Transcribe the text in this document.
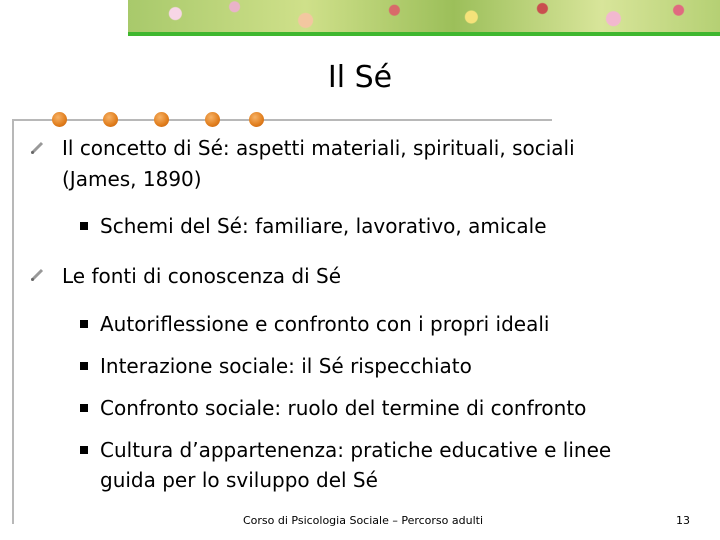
Il Sé
Il concetto di Sé: aspetti materiali, spirituali, sociali
(James, 1890)
Schemi del Sé: familiare, lavorativo, amicale
Le fonti di conoscenza di Sé
Autoriflessione e confronto con i propri ideali
Interazione sociale: il Sé rispecchiato
Confronto sociale: ruolo del termine di confronto
Cultura d’appartenenza: pratiche educative e linee
guida per lo sviluppo del Sé
Corso di Psicologia Sociale – Percorso adulti	13
